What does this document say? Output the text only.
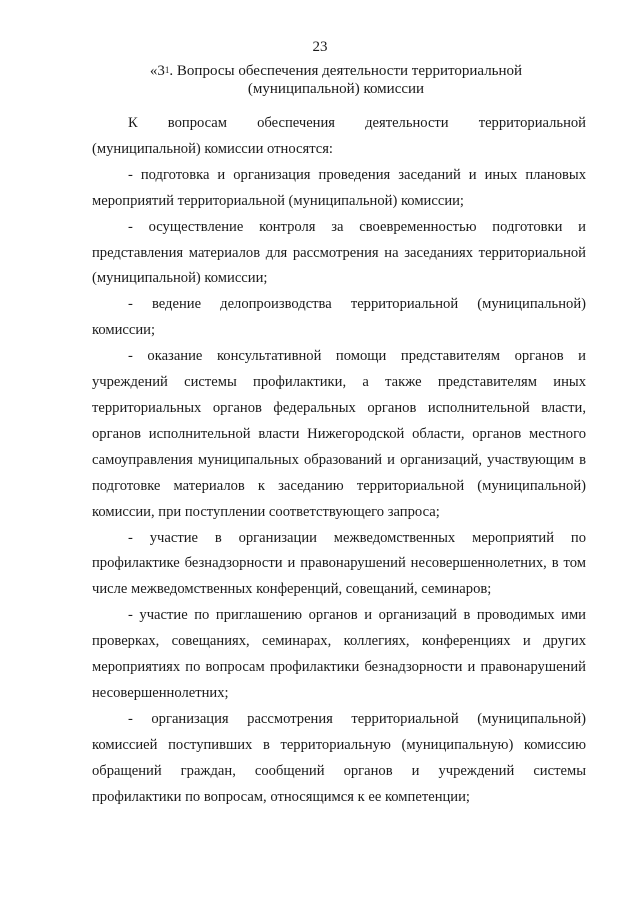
23
«$3^1$. Вопросы обеспечения деятельности территориальной
(муниципальной) комиссии

К вопросам обеспечения деятельности территориальной (муниципальной) комиссии относятся:

- подготовка и организация проведения заседаний и иных плановых мероприятий территориальной (муниципальной) комиссии;

- осуществление контроля за своевременностью подготовки и представления материалов для рассмотрения на заседаниях территориальной (муниципальной) комиссии;

- ведение делопроизводства территориальной (муниципальной) комиссии;

- оказание консультативной помощи представителям органов и учреждений системы профилактики, а также представителям иных территориальных органов федеральных органов исполнительной власти, органов исполнительной власти Нижегородской области, органов местного самоуправления муниципальных образований и организаций, участвующим в подготовке материалов к заседанию территориальной (муниципальной) комиссии, при поступлении соответствующего запроса;

- участие в организации межведомственных мероприятий по профилактике безнадзорности и правонарушений несовершеннолетних, в том числе межведомственных конференций, совещаний, семинаров;

- участие по приглашению органов и организаций в проводимых ими проверках, совещаниях, семинарах, коллегиях, конференциях и других мероприятиях по вопросам профилактики безнадзорности и правонарушений несовершеннолетних;

- организация рассмотрения территориальной (муниципальной) комиссией поступивших в территориальную (муниципальную) комиссию обращений граждан, сообщений органов и учреждений системы профилактики по вопросам, относящимся к ее компетенции;
